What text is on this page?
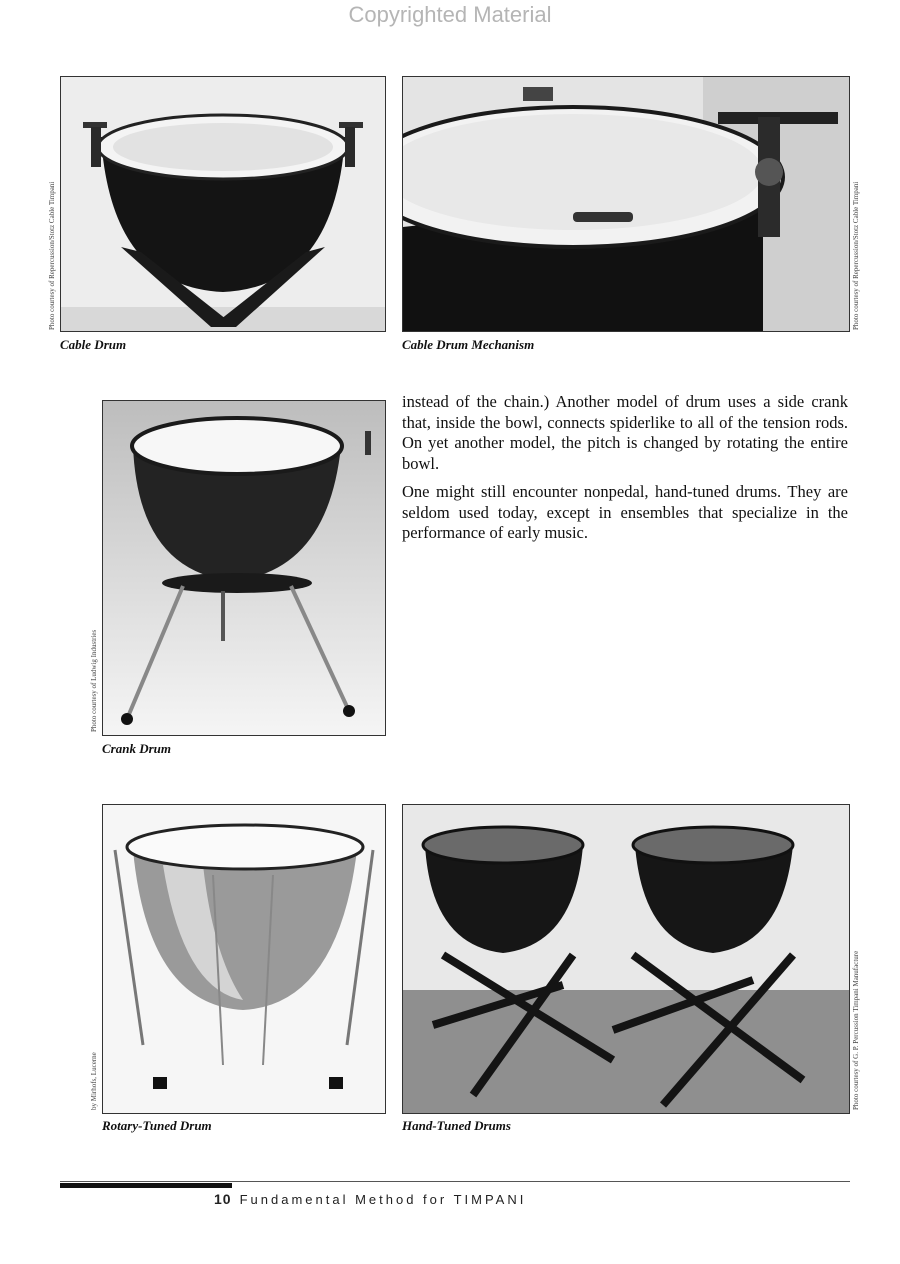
Copyrighted Material
Photo courtesy of Repercussion/Stotz Cable Timpani
Cable Drum	Cable Drum Mechanism
Photo courtesy of Repercussion/Stotz Cable Timpani
Photo courtesy of Ludwig Industries
Crank Drum

instead of the chain.) Another model of drum uses a side crank that, inside the bowl, connects spiderlike to all of the tension rods. On yet another model, the pitch is changed by rotating the entire bowl.

One might still encounter nonpedal, hand-tuned drums. They are seldom used today, except in ensembles that specialize in the performance of early music.

by Mirhofs, Lucerne
Rotary-Tuned Drum	Hand-Tuned Drums
Photo courtesy of G. P. Percussion Timpani Manufacture
10 Fundamental Method for TIMPANI
